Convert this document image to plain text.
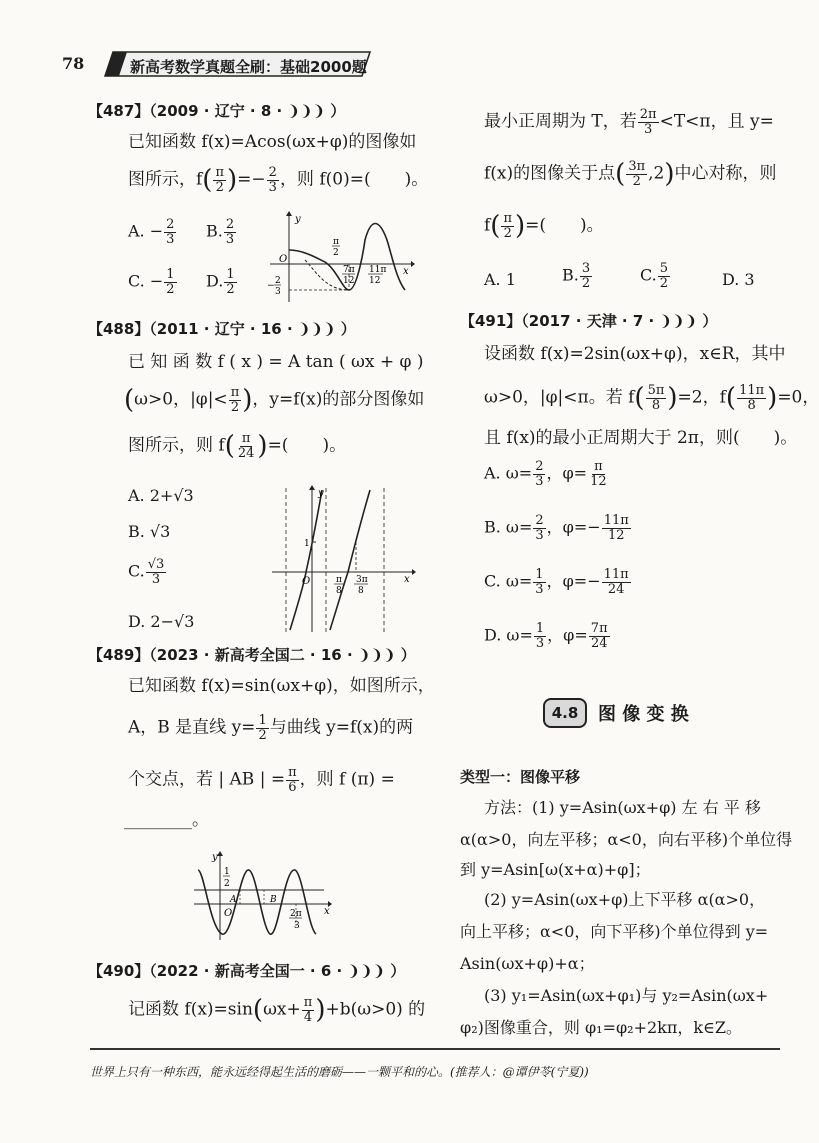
78	新高考数学真题全刷：基础2000题
【487】（2009 · 辽宁 · 8 · ❩❩❩ ）
已知函数 f(x)=Acos(ωx+φ)的图像如
图所示，$f( \frac{\pi}{2}$ )=− $\frac{2}{3}$ ，则 f(0)=(　　)。
A. − $\frac{2}{3} B$. $\frac{2}{3}$
C. − $\frac{1}{2} D$. $\frac{1}{2}$
y
x
O
π
2
− 2
3
7π
12
11π
12
【488】（2011 · 辽宁 · 16 · ❩❩❩ ）
已 知 函 数 f ( x ) = A tan ( ωx + φ )
(ω>0，$|\varphi|< \frac{\pi}{2}$ )，y=f(x)的部分图像如
图所示，则 $f( \frac{\pi}{24}$ )=(　　)。
A. 2+√3
B. √3
C. $\frac{√3}{3}$
D. 2−√3
y
x
O
1
π
8
3π
8
【489】（2023 · 新高考全国二 · 16 · ❩❩❩ ）
已知函数 f(x)=sin(ωx+φ)，如图所示，
A，B 是直线 $y= \frac{1}{2}$ 与曲线 y=f(x)的两
个交点，若 | AB | = $\frac{\pi}{6}$ ，则 f (π) =
________。
y
x
O
A	B
1
2
2π
3
【490】（2022 · 新高考全国一 · 6 · ❩❩❩ ）
记函数 $f(x)=\sin(\omega x+ \frac{\pi}{4} )+b(\omega>0)$ 的
最小正周期为 T，若 $\frac{2\pi}{3} <T<\pi$，且 y=
f(x)的图像关于点( $\frac{3\pi}{2} ,2$)中心对称，则
$f( \frac{\pi}{2}$ )=(　　)。
A. 1	B. $\frac{3}{2}$	C. $\frac{5}{2}$	D. 3
【491】（2017 · 天津 · 7 · ❩❩❩ ）
设函数 f(x)=2sin(ωx+φ)，x∈R，其中
ω>0，|φ|<π。若 $f( \frac{5\pi}{8} )=2$，$f( \frac{11\pi}{8} )=0$，
且 f(x)的最小正周期大于 2π，则(　　)。
A. $\omega= \frac{2}{3}$ ，$\varphi= \frac{\pi}{12}$
B. $\omega= \frac{2}{3}$ ，$\varphi=- \frac{11\pi}{12}$
C. $\omega= \frac{1}{3}$ ，$\varphi=- \frac{11\pi}{24}$
D. $\omega= \frac{1}{3}$ ，$\varphi= \frac{7\pi}{24}$
4.8	图 像 变 换
类型一：图像平移
方法：(1) y=Asin(ωx+φ) 左 右 平 移
α(α>0，向左平移；α<0，向右平移)个单位得
到 y=Asin[ω(x+α)+φ]；
(2) y=Asin(ωx+φ)上下平移 α(α>0，
向上平移；α<0，向下平移)个单位得到 y=
Asin(ωx+φ)+α；
(3) y₁=Asin(ωx+φ₁)与 y₂=Asin(ωx+
φ₂)图像重合，则 φ₁=φ₂+2kπ，k∈Z。
世界上只有一种东西，能永远经得起生活的磨砺——一颗平和的心。(推荐人：@谭伊苓(宁夏))
